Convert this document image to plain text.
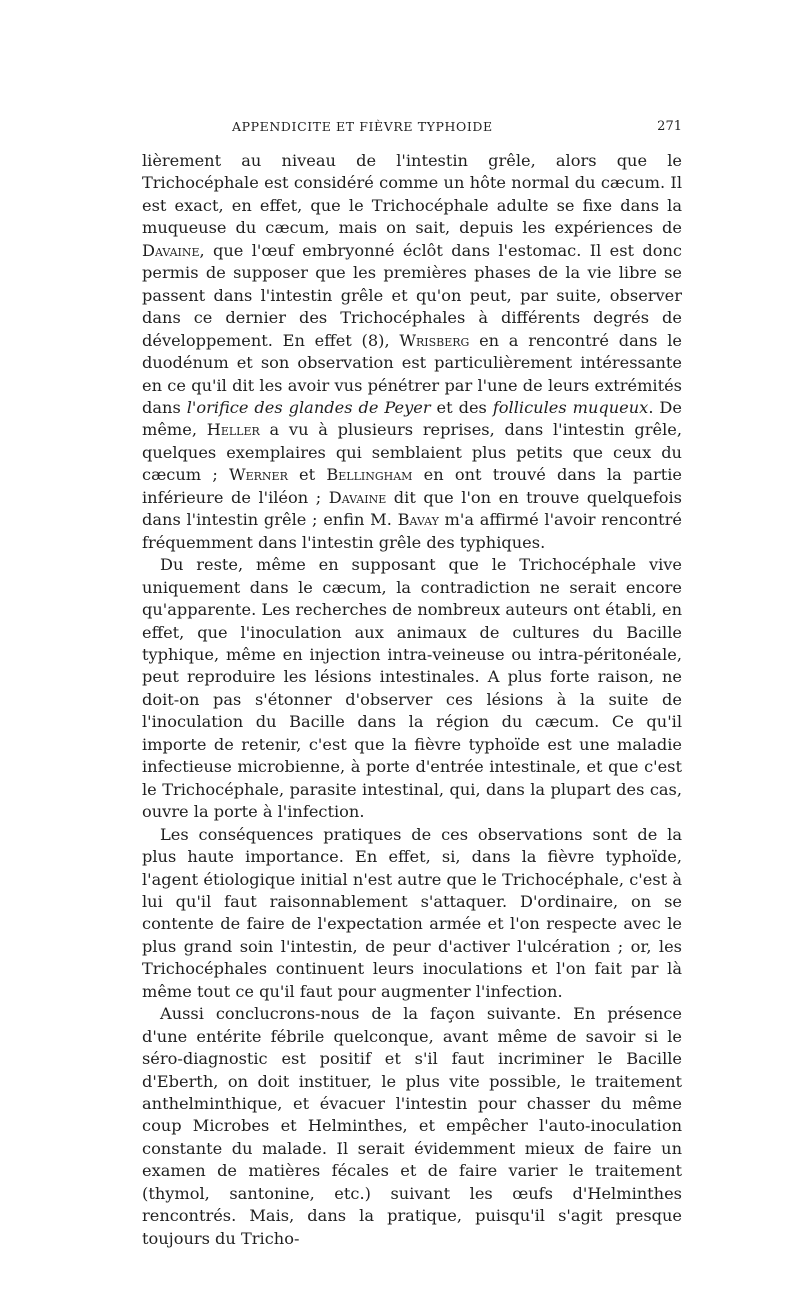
APPENDICITE ET FIÈVRE TYPHOIDE	271

lièrement au niveau de l'intestin grêle, alors que le Trichocéphale est considéré comme un hôte normal du cæcum. Il est exact, en effet, que le Trichocéphale adulte se fixe dans la muqueuse du cæcum, mais on sait, depuis les expériences de Davaine, que l'œuf embryonné éclôt dans l'estomac. Il est donc permis de supposer que les premières phases de la vie libre se passent dans l'intestin grêle et qu'on peut, par suite, observer dans ce dernier des Trichocéphales à différents degrés de développement. En effet (8), Wrisberg en a rencontré dans le duodénum et son observation est particulièrement intéressante en ce qu'il dit les avoir vus pénétrer par l'une de leurs extrémités dans l'orifice des glandes de Peyer et des follicules muqueux. De même, Heller a vu à plusieurs reprises, dans l'intestin grêle, quelques exemplaires qui semblaient plus petits que ceux du cæcum ; Werner et Bellingham en ont trouvé dans la partie inférieure de l'iléon ; Davaine dit que l'on en trouve quelquefois dans l'intestin grêle ; enfin M. Bavay m'a affirmé l'avoir rencontré fréquemment dans l'intestin grêle des typhiques.

Du reste, même en supposant que le Trichocéphale vive uniquement dans le cæcum, la contradiction ne serait encore qu'apparente. Les recherches de nombreux auteurs ont établi, en effet, que l'inoculation aux animaux de cultures du Bacille typhique, même en injection intra-veineuse ou intra-péritonéale, peut reproduire les lésions intestinales. A plus forte raison, ne doit-on pas s'étonner d'observer ces lésions à la suite de l'inoculation du Bacille dans la région du cæcum. Ce qu'il importe de retenir, c'est que la fièvre typhoïde est une maladie infectieuse microbienne, à porte d'entrée intestinale, et que c'est le Trichocéphale, parasite intestinal, qui, dans la plupart des cas, ouvre la porte à l'infection.

Les conséquences pratiques de ces observations sont de la plus haute importance. En effet, si, dans la fièvre typhoïde, l'agent étiologique initial n'est autre que le Trichocéphale, c'est à lui qu'il faut raisonnablement s'attaquer. D'ordinaire, on se contente de faire de l'expectation armée et l'on respecte avec le plus grand soin l'intestin, de peur d'activer l'ulcération ; or, les Trichocéphales continuent leurs inoculations et l'on fait par là même tout ce qu'il faut pour augmenter l'infection.

Aussi conclucrons-nous de la façon suivante. En présence d'une entérite fébrile quelconque, avant même de savoir si le séro-diagnostic est positif et s'il faut incriminer le Bacille d'Eberth, on doit instituer, le plus vite possible, le traitement anthelminthique, et évacuer l'intestin pour chasser du même coup Microbes et Helminthes, et empêcher l'auto-inoculation constante du malade. Il serait évidemment mieux de faire un examen de matières fécales et de faire varier le traitement (thymol, santonine, etc.) suivant les œufs d'Helminthes rencontrés. Mais, dans la pratique, puisqu'il s'agit presque toujours du Tricho-
